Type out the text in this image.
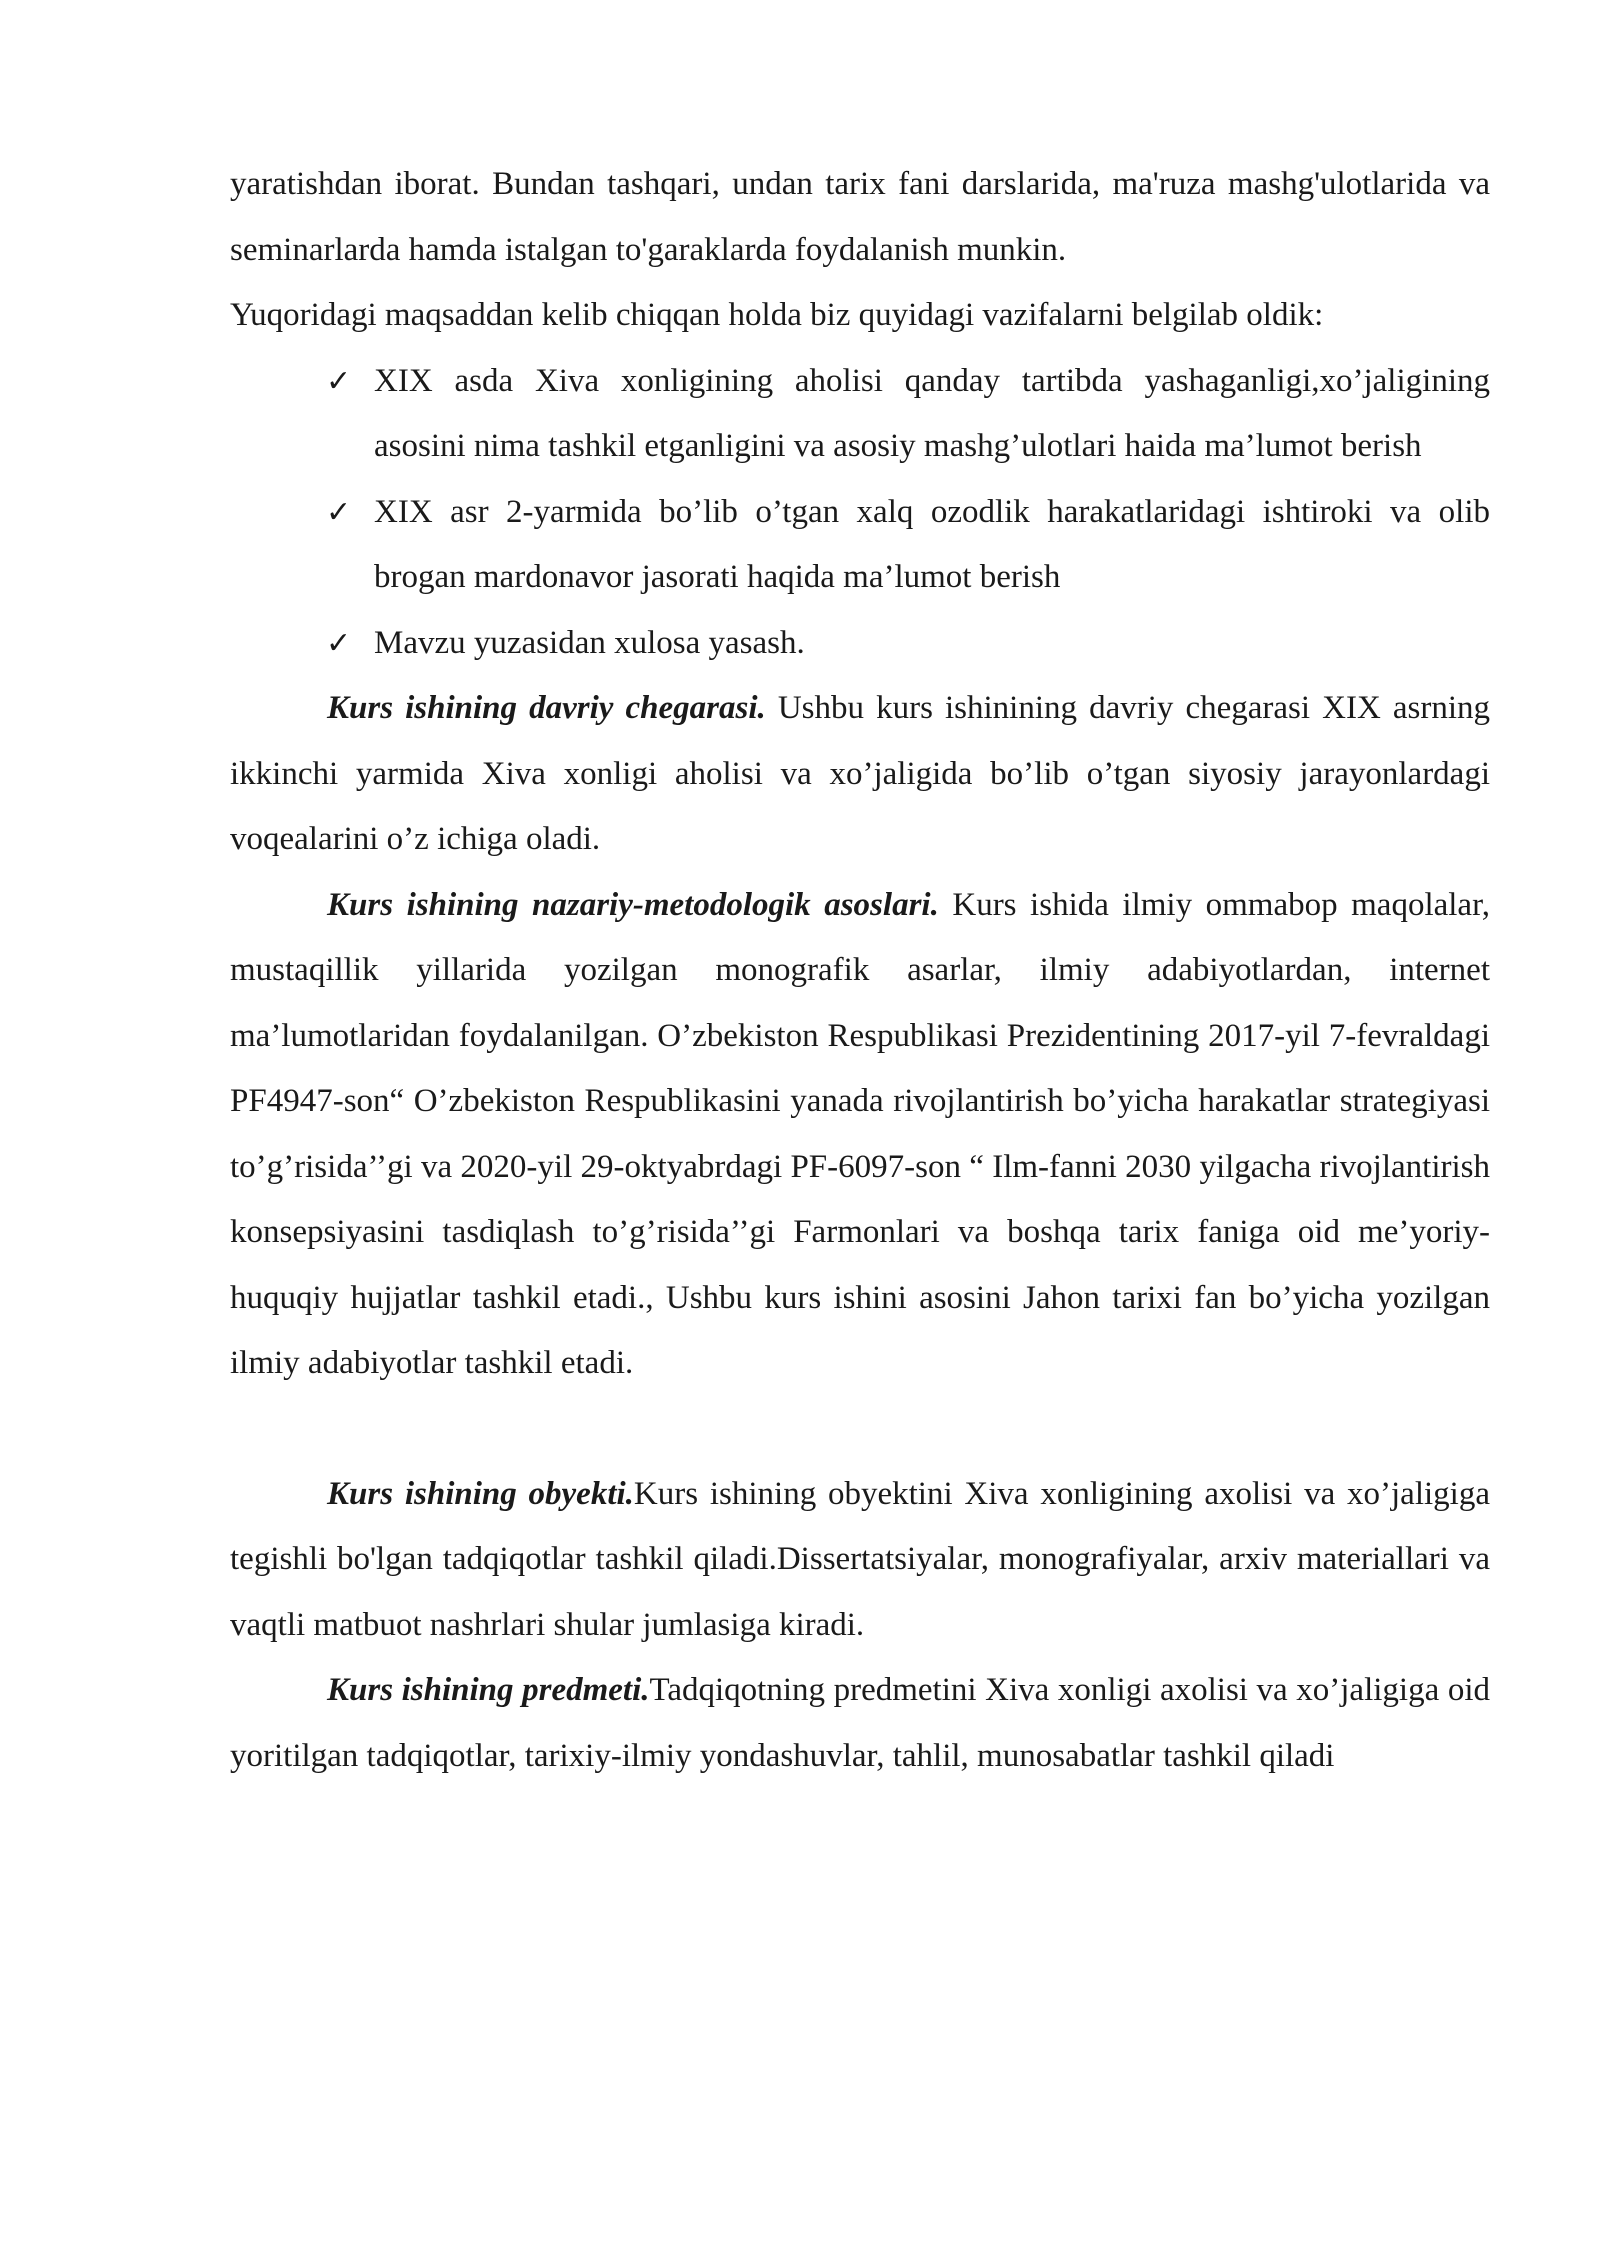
yaratishdan iborat. Bundan tashqari, undan tarix fani darslarida, ma'ruza mashg'ulotlarida va seminarlarda hamda istalgan to'garaklarda foydalanish munkin.

Yuqoridagi maqsaddan kelib chiqqan holda biz quyidagi vazifalarni belgilab oldik:

✓ XIX asda Xiva xonligining aholisi qanday tartibda yashaganligi,xo’jaligining asosini nima tashkil etganligini va asosiy mashg’ulotlari haida ma’lumot berish
✓ XIX asr 2-yarmida bo’lib o’tgan xalq ozodlik harakatlaridagi ishtiroki va olib brogan mardonavor jasorati haqida ma’lumot berish
✓ Mavzu yuzasidan xulosa yasash.

Kurs ishining davriy chegarasi. Ushbu kurs ishinining davriy chegarasi XIX asrning ikkinchi yarmida Xiva xonligi aholisi va xo’jaligida bo’lib o’tgan siyosiy jarayonlardagi voqealarini o’z ichiga oladi.

Kurs ishining nazariy-metodologik asoslari. Kurs ishida ilmiy ommabop maqolalar, mustaqillik yillarida yozilgan monografik asarlar, ilmiy adabiyotlardan, internet ma’lumotlaridan foydalanilgan. O’zbekiston Respublikasi Prezidentining 2017-yil 7-fevraldagi PF4947-son“ O’zbekiston Respublikasini yanada rivojlantirish bo’yicha harakatlar strategiyasi to’g’risida’’gi va 2020-yil 29-oktyabrdagi PF-6097-son “ Ilm-fanni 2030 yilgacha rivojlantirish konsepsiyasini tasdiqlash to’g’risida’’gi Farmonlari va boshqa tarix faniga oid me’yoriy-huquqiy hujjatlar tashkil etadi., Ushbu kurs ishini asosini Jahon tarixi fan bo’yicha yozilgan ilmiy adabiyotlar tashkil etadi.

Kurs ishining obyekti.Kurs ishining obyektini Xiva xonligining axolisi va xo’jaligiga tegishli bo'lgan tadqiqotlar tashkil qiladi.Dissertatsiyalar, monografiyalar, arxiv materiallari va vaqtli matbuot nashrlari shular jumlasiga kiradi.

Kurs ishining predmeti.Tadqiqotning predmetini Xiva xonligi axolisi va xo’jaligiga oid yoritilgan tadqiqotlar, tarixiy-ilmiy yondashuvlar, tahlil, munosabatlar tashkil qiladi
